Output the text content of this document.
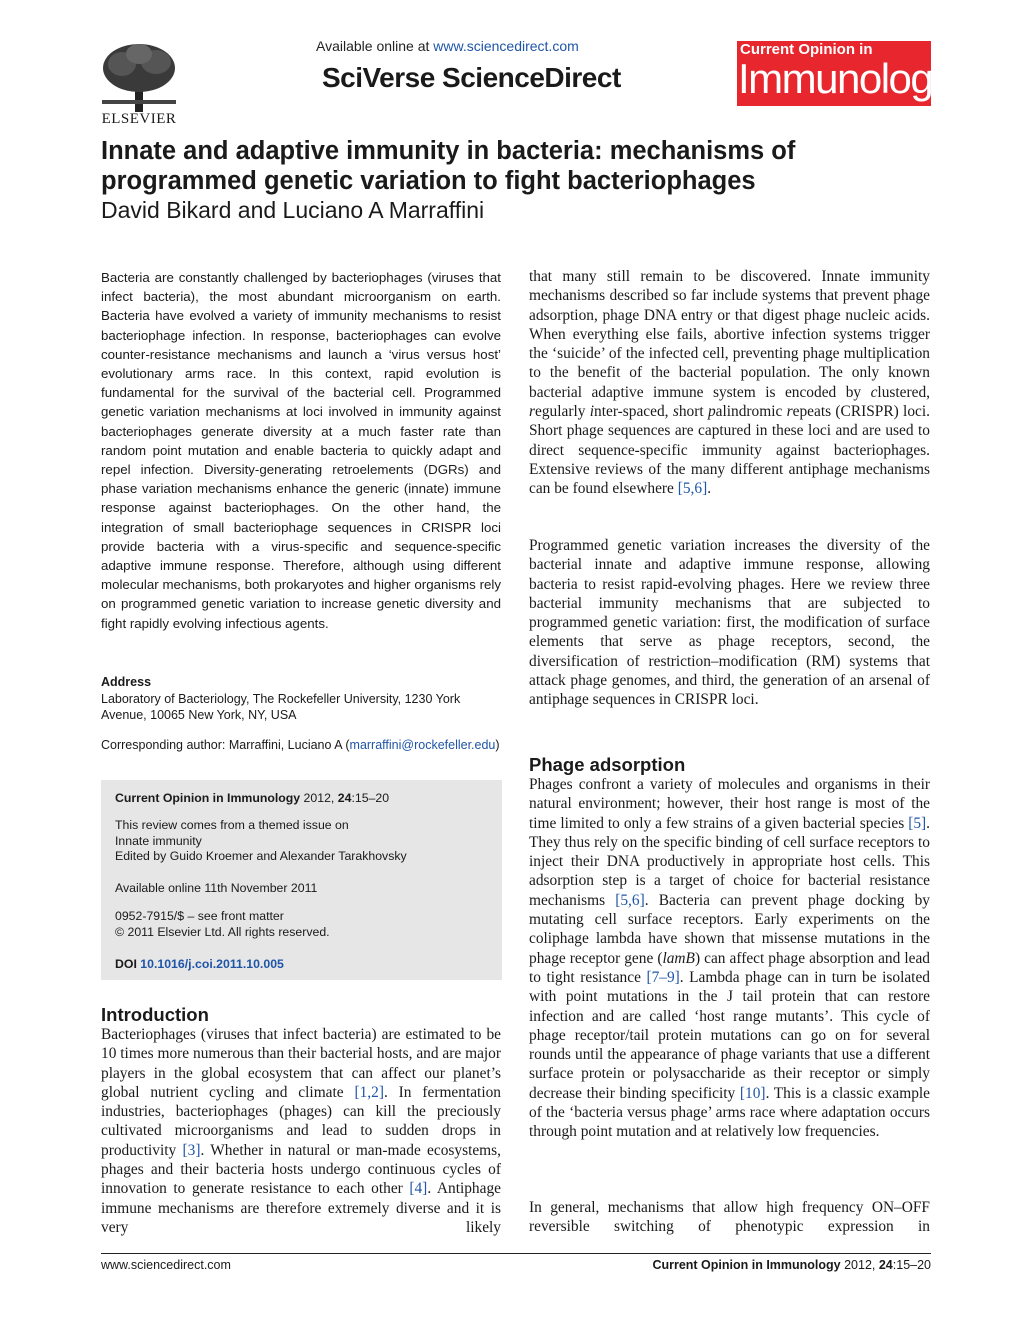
ELSEVIER
Available online at www.sciencedirect.com
SciVerse ScienceDirect
Current Opinion in
Immunology
Innate and adaptive immunity in bacteria: mechanisms of programmed genetic variation to fight bacteriophages
David Bikard and Luciano A Marraffini
Bacteria are constantly challenged by bacteriophages (viruses that infect bacteria), the most abundant microorganism on earth. Bacteria have evolved a variety of immunity mechanisms to resist bacteriophage infection. In response, bacteriophages can evolve counter-resistance mechanisms and launch a ‘virus versus host’ evolutionary arms race. In this context, rapid evolution is fundamental for the survival of the bacterial cell. Programmed genetic variation mechanisms at loci involved in immunity against bacteriophages generate diversity at a much faster rate than random point mutation and enable bacteria to quickly adapt and repel infection. Diversity-generating retroelements (DGRs) and phase variation mechanisms enhance the generic (innate) immune response against bacteriophages. On the other hand, the integration of small bacteriophage sequences in CRISPR loci provide bacteria with a virus-specific and sequence-specific adaptive immune response. Therefore, although using different molecular mechanisms, both prokaryotes and higher organisms rely on programmed genetic variation to increase genetic diversity and fight rapidly evolving infectious agents.
Address
Laboratory of Bacteriology, The Rockefeller University, 1230 York Avenue, 10065 New York, NY, USA
Corresponding author: Marraffini, Luciano A (marraffini@rockefeller.edu)
Current Opinion in Immunology 2012, 24:15–20
This review comes from a themed issue on
Innate immunity
Edited by Guido Kroemer and Alexander Tarakhovsky
Available online 11th November 2011
0952-7915/$ – see front matter
© 2011 Elsevier Ltd. All rights reserved.
DOI 10.1016/j.coi.2011.10.005
Introduction
Bacteriophages (viruses that infect bacteria) are estimated to be 10 times more numerous than their bacterial hosts, and are major players in the global ecosystem that can affect our planet’s global nutrient cycling and climate [1,2]. In fermentation industries, bacteriophages (phages) can kill the preciously cultivated microorganisms and lead to sudden drops in productivity [3]. Whether in natural or man-made ecosystems, phages and their bacteria hosts undergo continuous cycles of innovation to generate resistance to each other [4]. Antiphage immune mechanisms are therefore extremely diverse and it is very likely
that many still remain to be discovered. Innate immunity mechanisms described so far include systems that prevent phage adsorption, phage DNA entry or that digest phage nucleic acids. When everything else fails, abortive infection systems trigger the ‘suicide’ of the infected cell, preventing phage multiplication to the benefit of the bacterial population. The only known bacterial adaptive immune system is encoded by clustered, regularly inter-spaced, short palindromic repeats (CRISPR) loci. Short phage sequences are captured in these loci and are used to direct sequence-specific immunity against bacteriophages. Extensive reviews of the many different antiphage mechanisms can be found elsewhere [5,6].
Programmed genetic variation increases the diversity of the bacterial innate and adaptive immune response, allowing bacteria to resist rapid-evolving phages. Here we review three bacterial immunity mechanisms that are subjected to programmed genetic variation: first, the modification of surface elements that serve as phage receptors, second, the diversification of restriction–modification (RM) systems that attack phage genomes, and third, the generation of an arsenal of antiphage sequences in CRISPR loci.
Phage adsorption
Phages confront a variety of molecules and organisms in their natural environment; however, their host range is most of the time limited to only a few strains of a given bacterial species [5]. They thus rely on the specific binding of cell surface receptors to inject their DNA productively in appropriate host cells. This adsorption step is a target of choice for bacterial resistance mechanisms [5,6]. Bacteria can prevent phage docking by mutating cell surface receptors. Early experiments on the coliphage lambda have shown that missense mutations in the phage receptor gene (lamB) can affect phage absorption and lead to tight resistance [7–9]. Lambda phage can in turn be isolated with point mutations in the J tail protein that can restore infection and are called ‘host range mutants’. This cycle of phage receptor/tail protein mutations can go on for several rounds until the appearance of phage variants that use a different surface protein or polysaccharide as their receptor or simply decrease their binding specificity [10]. This is a classic example of the ‘bacteria versus phage’ arms race where adaptation occurs through point mutation and at relatively low frequencies.
In general, mechanisms that allow high frequency ON–OFF reversible switching of phenotypic expression in
www.sciencedirect.com	Current Opinion in Immunology 2012, 24:15–20
